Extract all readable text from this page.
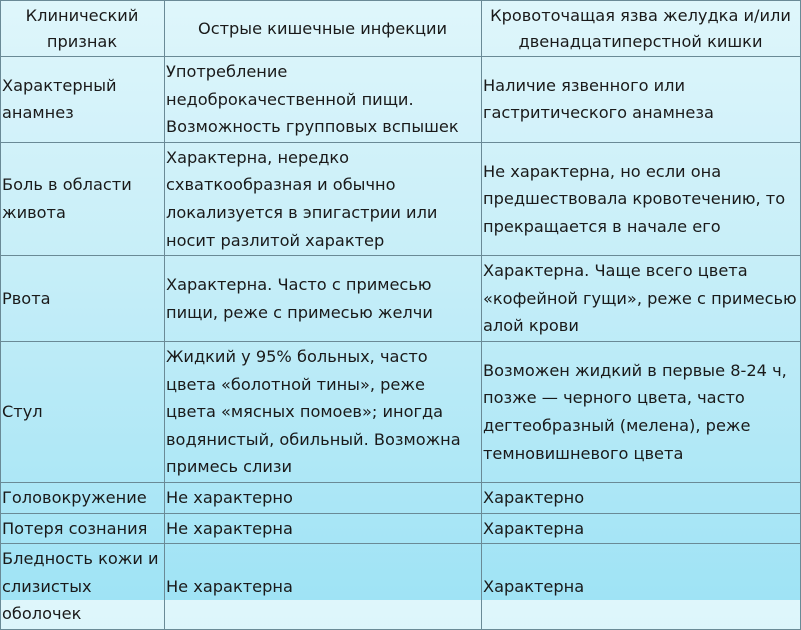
Клинический признак	Острые кишечные инфекции	Кровоточащая язва желудка и/или двенадцатиперстной кишки
Характерный анамнез	Употребление недоброкачественной пищи. Возможность групповых вспышек	Наличие язвенного или гастритического анамнеза
Боль в области живота	Характерна, нередко схваткообразная и обычно локализуется в эпигастрии или носит разлитой характер	Не характерна, но если она предшествовала кровотечению, то прекращается в начале его
Рвота	Характерна. Часто с примесью пищи, реже с примесью желчи	Характерна. Чаще всего цвета «кофейной гущи», реже с примесью алой крови
Стул	Жидкий у 95% больных, часто цвета «болотной тины», реже цвета «мясных помоев»; иногда водянистый, обильный. Возможна примесь слизи	Возможен жидкий в первые 8-24 ч, позже — черного цвета, часто дегтеобразный (мелена), реже темновишневого цвета
Головокружение	Не характерно	Характерно
Потеря сознания	Не характерна	Характерна
Бледность кожи и слизистых оболочек	Не характерна	Характерна
